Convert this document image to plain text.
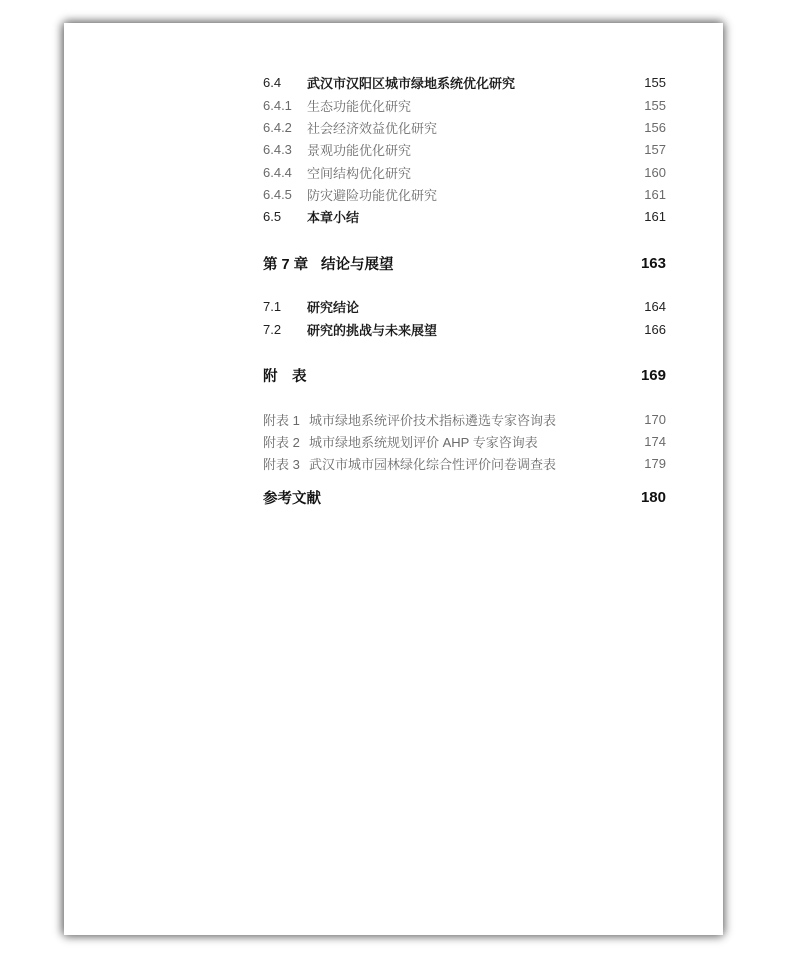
6.4	武汉市汉阳区城市绿地系统优化研究	155
6.4.1	生态功能优化研究	155
6.4.2	社会经济效益优化研究	156
6.4.3	景观功能优化研究	157
6.4.4	空间结构优化研究	160
6.4.5	防灾避险功能优化研究	161
6.5	本章小结	161
第 7 章 结论与展望	163
7.1	研究结论	164
7.2	研究的挑战与未来展望	166
附　表	169
附表 1 城市绿地系统评价技术指标遴选专家咨询表	170
附表 2 城市绿地系统规划评价 AHP 专家咨询表	174
附表 3 武汉市城市园林绿化综合性评价问卷调查表	179
参考文献	180
